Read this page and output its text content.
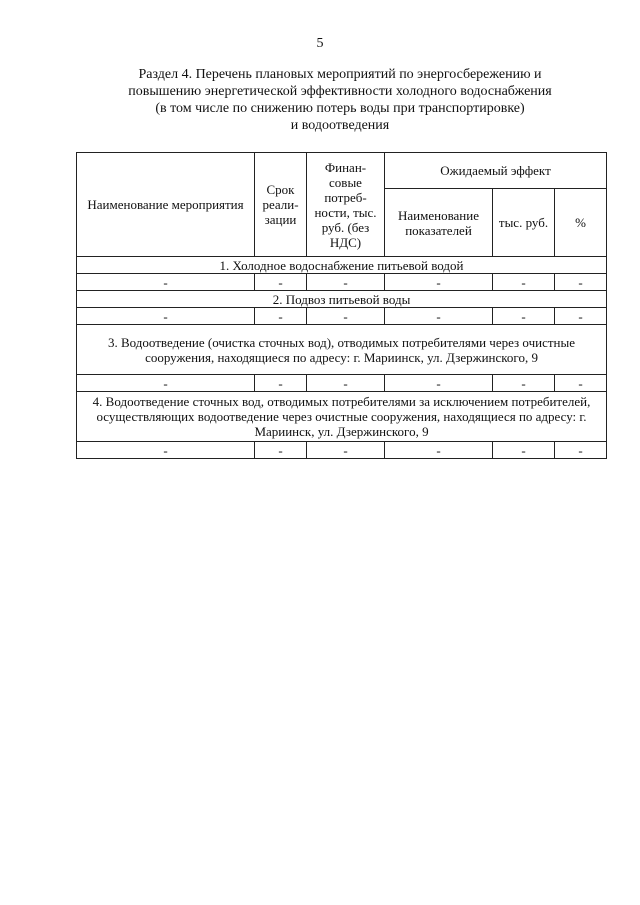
5
Раздел 4. Перечень плановых мероприятий по энергосбережению и
повышению энергетической эффективности холодного водоснабжения
(в том числе по снижению потерь воды при транспортировке)
и водоотведения
Наименование мероприятия	Срок реали-зации	Финан-совые потреб-ности, тыс. руб. (без НДС)	Ожидаемый эффект		
			Наименование показателей	тыс. руб.	%
1. Холодное водоснабжение питьевой водой					
-	-	-	-	-	-
2. Подвоз питьевой воды					
-	-	-	-	-	-
3. Водоотведение (очистка сточных вод), отводимых потребителями через очистные сооружения, находящиеся по адресу: г. Мариинск, ул. Дзержинского, 9					
-	-	-	-	-	-
4. Водоотведение сточных вод, отводимых потребителями за исключением потребителей, осуществляющих водоотведение через очистные сооружения, находящиеся по адресу: г. Мариинск, ул. Дзержинского, 9					
-	-	-	-	-	-
